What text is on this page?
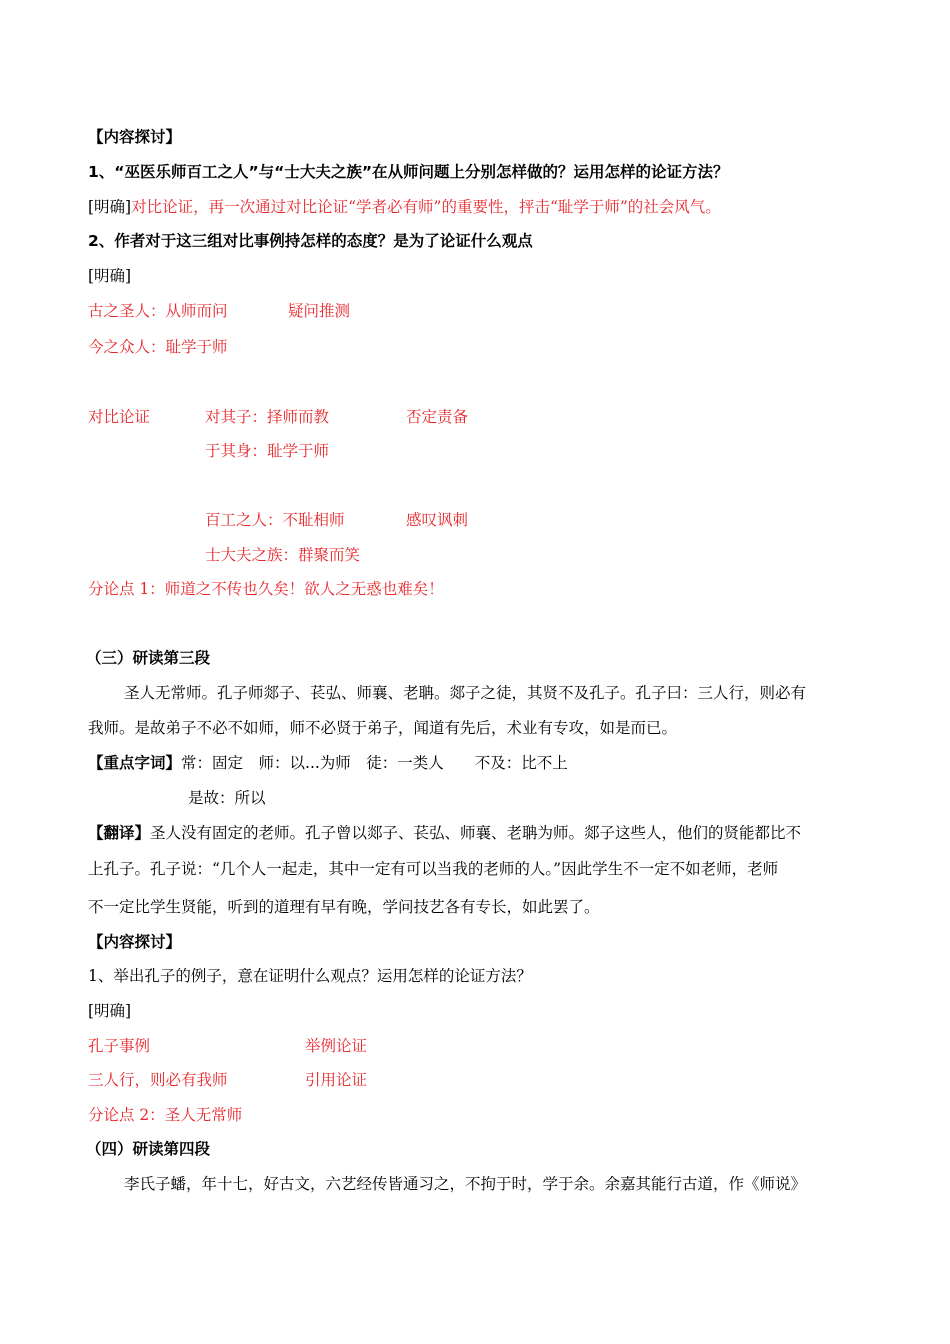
【内容探讨】
1、“巫医乐师百工之人”与“士大夫之族”在从师问题上分别怎样做的？运用怎样的论证方法？
[明确]对比论证，再一次通过对比论证“学者必有师”的重要性，抨击“耻学于师”的社会风气。
2、作者对于这三组对比事例持怎样的态度？是为了论证什么观点
[明确]
古之圣人：从师而问	疑问推测
今之众人：耻学于师
对比论证	对其子：择师而教	否定责备
于其身：耻学于师
百工之人：不耻相师	感叹讽刺
士大夫之族：群聚而笑
分论点 1：师道之不传也久矣！欲人之无惑也难矣！
（三）研读第三段
圣人无常师。孔子师郯子、苌弘、师襄、老聃。郯子之徒，其贤不及孔子。孔子曰：三人行，则必有
我师。是故弟子不必不如师，师不必贤于弟子，闻道有先后，术业有专攻，如是而已。
【重点字词】常：固定　师：以...为师　徒：一类人　　不及：比不上
是故：所以
【翻译】圣人没有固定的老师。孔子曾以郯子、苌弘、师襄、老聃为师。郯子这些人，他们的贤能都比不
上孔子。孔子说：“几个人一起走，其中一定有可以当我的老师的人。”因此学生不一定不如老师，老师
不一定比学生贤能，听到的道理有早有晚，学问技艺各有专长，如此罢了。
【内容探讨】
1、举出孔子的例子，意在证明什么观点？运用怎样的论证方法？
[明确]
孔子事例	举例论证
三人行，则必有我师	引用论证
分论点 2：圣人无常师
（四）研读第四段
李氏子蟠，年十七，好古文，六艺经传皆通习之，不拘于时，学于余。余嘉其能行古道，作《师说》
